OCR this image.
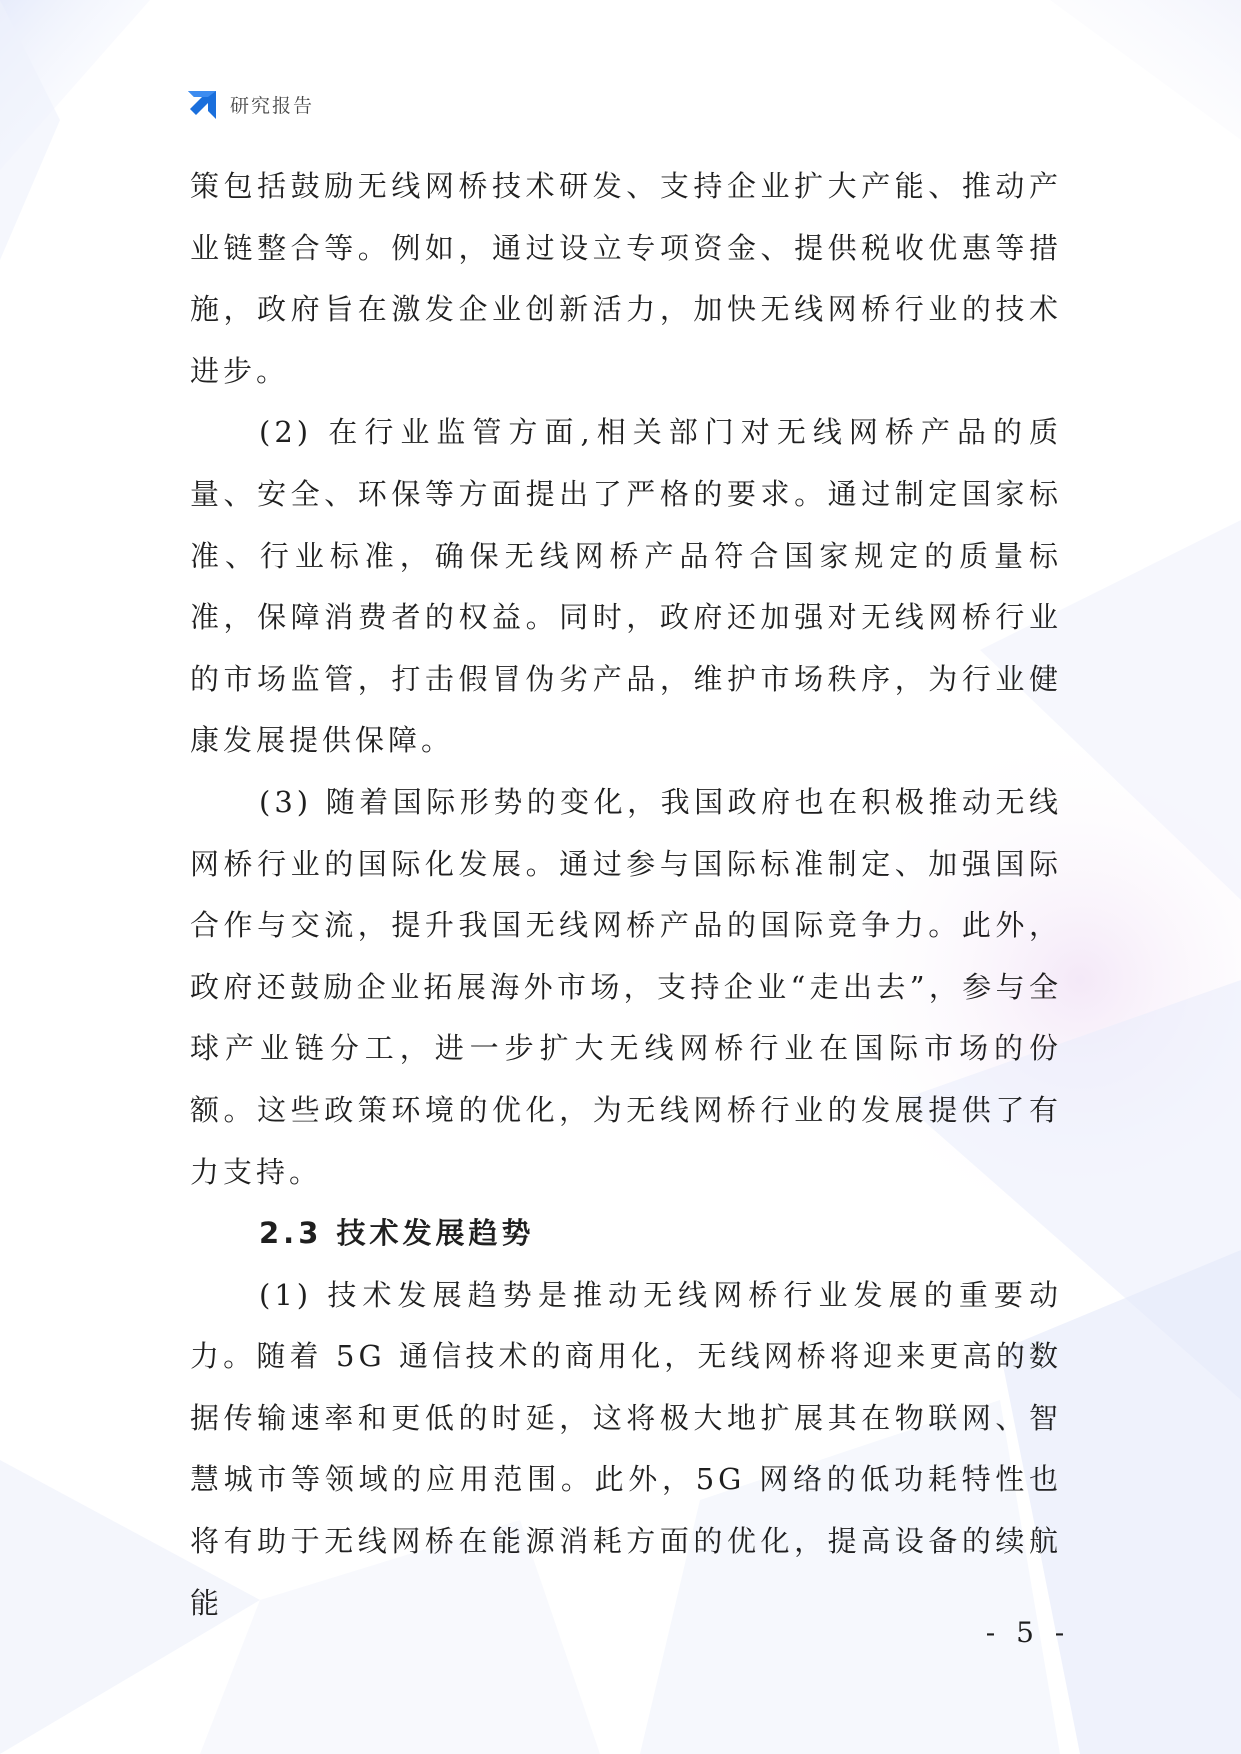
研究报告

策包括鼓励无线网桥技术研发、支持企业扩大产能、推动产业链整合等。例如，通过设立专项资金、提供税收优惠等措施，政府旨在激发企业创新活力，加快无线网桥行业的技术进步。

(2) 在行业监管方面,相关部门对无线网桥产品的质量、安全、环保等方面提出了严格的要求。通过制定国家标准、行业标准，确保无线网桥产品符合国家规定的质量标准，保障消费者的权益。同时，政府还加强对无线网桥行业的市场监管，打击假冒伪劣产品，维护市场秩序，为行业健康发展提供保障。

(3) 随着国际形势的变化，我国政府也在积极推动无线网桥行业的国际化发展。通过参与国际标准制定、加强国际合作与交流，提升我国无线网桥产品的国际竞争力。此外，政府还鼓励企业拓展海外市场，支持企业“走出去”，参与全球产业链分工，进一步扩大无线网桥行业在国际市场的份额。这些政策环境的优化，为无线网桥行业的发展提供了有力支持。

2.3 技术发展趋势

(1) 技术发展趋势是推动无线网桥行业发展的重要动力。随着 5G 通信技术的商用化，无线网桥将迎来更高的数据传输速率和更低的时延，这将极大地扩展其在物联网、智慧城市等领域的应用范围。此外，5G 网络的低功耗特性也将有助于无线网桥在能源消耗方面的优化，提高设备的续航能

- 5 -
